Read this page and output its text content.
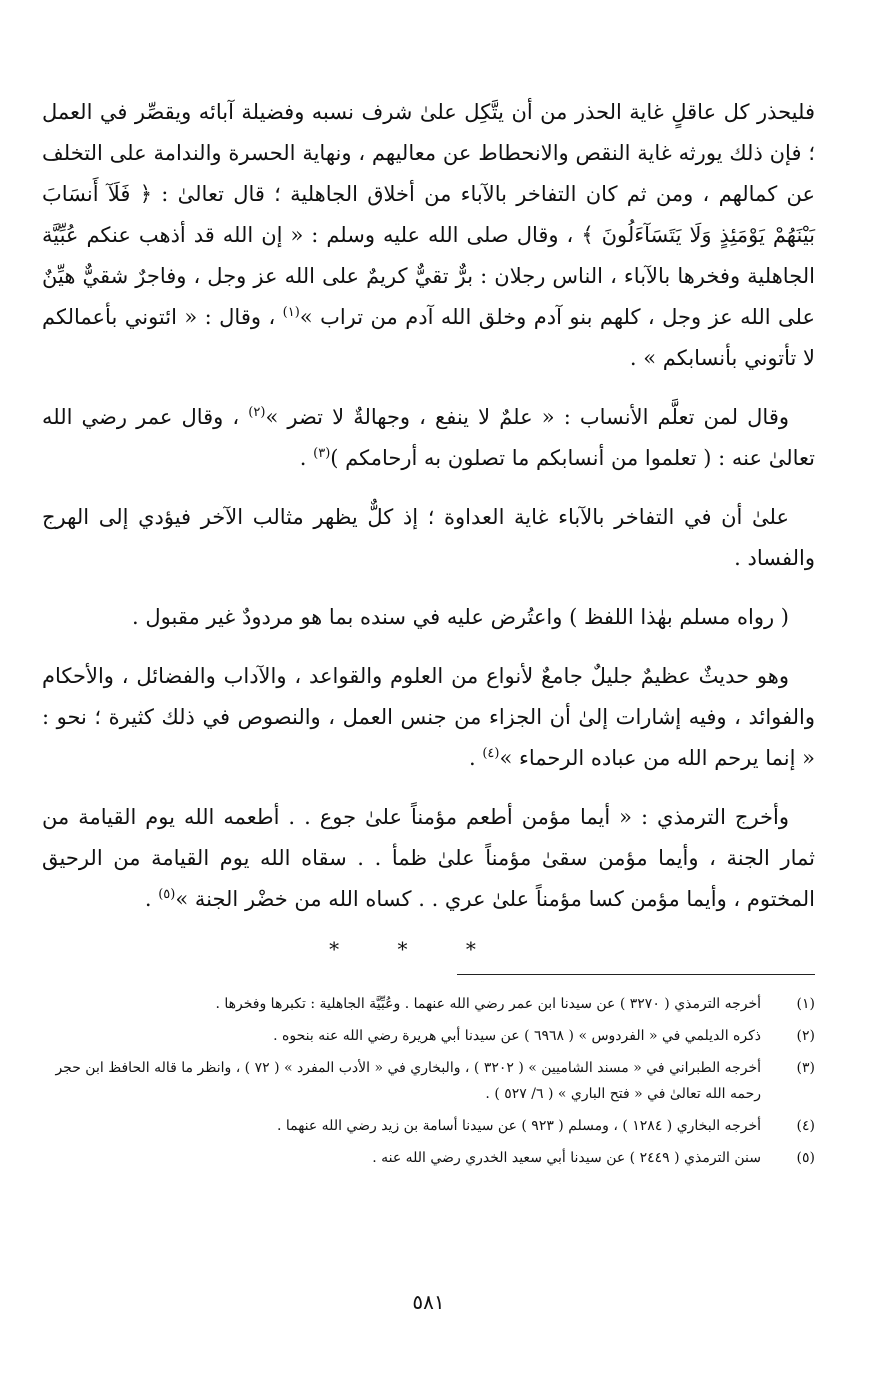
فليحذر كل عاقلٍ غاية الحذر من أن يتَّكِل علىٰ شرف نسبه وفضيلة آبائه ويقصِّر في العمل ؛ فإن ذلك يورثه غاية النقص والانحطاط عن معاليهم ، ونهاية الحسرة والندامة على التخلف عن كمالهم ، ومن ثم كان التفاخر بالآباء من أخلاق الجاهلية ؛ قال تعالىٰ : ﴿ فَلَآ أَنسَابَ بَيْنَهُمْ يَوْمَئِذٍ وَلَا يَتَسَآءَلُونَ ﴾ ، وقال صلى الله عليه وسلم : « إن الله قد أذهب عنكم عُبِّيَّة الجاهلية وفخرها بالآباء ، الناس رجلان : برٌّ تقيٌّ كريمٌ على الله عز وجل ، وفاجرٌ شقيٌّ هيِّنٌ على الله عز وجل ، كلهم بنو آدم وخلق الله آدم من تراب »$^{(١)}$ ، وقال : « ائتوني بأعمالكم لا تأتوني بأنسابكم » .

وقال لمن تعلَّم الأنساب : « علمٌ لا ينفع ، وجهالةٌ لا تضر »$^{(٢)}$ ، وقال عمر رضي الله تعالىٰ عنه : ( تعلموا من أنسابكم ما تصلون به أرحامكم )$^{(٣)}$ .

علىٰ أن في التفاخر بالآباء غاية العداوة ؛ إذ كلٌّ يظهر مثالب الآخر فيؤدي إلى الهرج والفساد .

( رواه مسلم بهٰذا اللفظ ) واعتُرض عليه في سنده بما هو مردودٌ غير مقبول .

وهو حديثٌ عظيمٌ جليلٌ جامعٌ لأنواع من العلوم والقواعد ، والآداب والفضائل ، والأحكام والفوائد ، وفيه إشارات إلىٰ أن الجزاء من جنس العمل ، والنصوص في ذلك كثيرة ؛ نحو : « إنما يرحم الله من عباده الرحماء »$^{(٤)}$ .

وأخرج الترمذي : « أيما مؤمن أطعم مؤمناً علىٰ جوع . . أطعمه الله يوم القيامة من ثمار الجنة ، وأيما مؤمن سقىٰ مؤمناً علىٰ ظمأ . . سقاه الله يوم القيامة من الرحيق المختوم ، وأيما مؤمن كسا مؤمناً علىٰ عري . . كساه الله من خضْر الجنة »$^{(٥)}$ .

* * *
(١)
أخرجه الترمذي ( ٣٢٧٠ ) عن سيدنا ابن عمر رضي الله عنهما . وعُبِّيَّة الجاهلية : تكبرها وفخرها .
(٢)
ذكره الديلمي في « الفردوس » ( ٦٩٦٨ ) عن سيدنا أبي هريرة رضي الله عنه بنحوه .
(٣)
أخرجه الطبراني في « مسند الشاميين » ( ٣٢٠٢ ) ، والبخاري في « الأدب المفرد » ( ٧٢ ) ، وانظر ما قاله الحافظ ابن حجر رحمه الله تعالىٰ في « فتح الباري » ( ٦/ ٥٢٧ ) .
(٤)
أخرجه البخاري ( ١٢٨٤ ) ، ومسلم ( ٩٢٣ ) عن سيدنا أسامة بن زيد رضي الله عنهما .
(٥)
سنن الترمذي ( ٢٤٤٩ ) عن سيدنا أبي سعيد الخدري رضي الله عنه .
٥٨١
